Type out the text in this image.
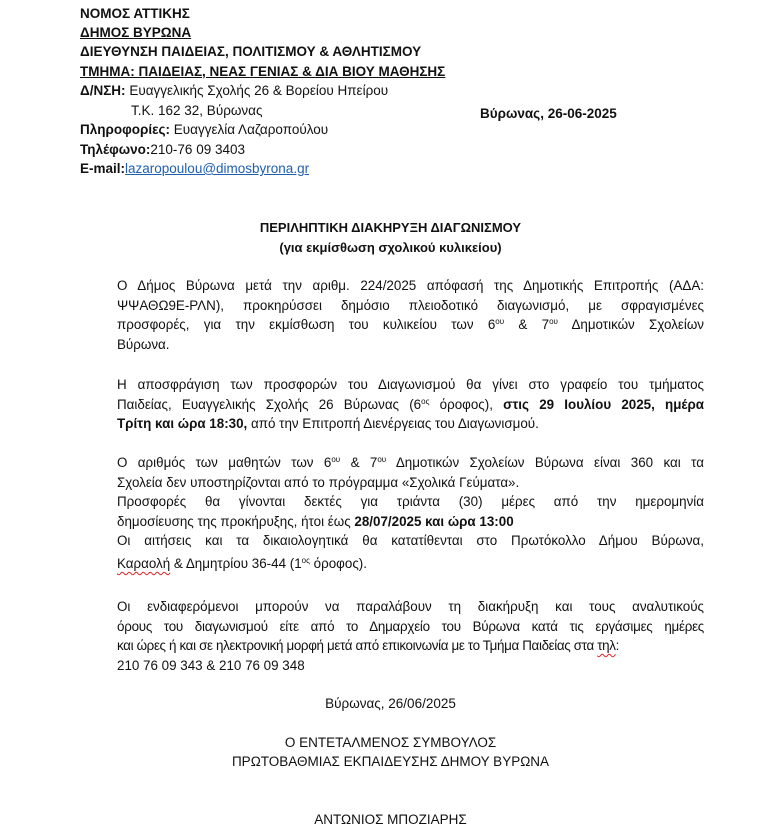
ΝΟΜΟΣ ΑΤΤΙΚΗΣ
ΔΗΜΟΣ ΒΥΡΩΝΑ
ΔΙΕΥΘΥΝΣΗ ΠΑΙΔΕΙΑΣ, ΠΟΛΙΤΙΣΜΟΥ & ΑΘΛΗΤΙΣΜΟΥ
ΤΜΗΜΑ: ΠΑΙΔΕΙΑΣ, ΝΕΑΣ ΓΕΝΙΑΣ & ΔΙΑ ΒΙΟΥ ΜΑΘΗΣΗΣ
Δ/ΝΣΗ: Ευαγγελικής Σχολής 26 & Βορείου Ηπείρου
Τ.Κ. 162 32, Βύρωνας
Πληροφορίες: Ευαγγελία Λαζαροπούλου
Τηλέφωνο:210-76 09 3403
E-mail:lazaropoulou@dimosbyrona.gr
Βύρωνας, 26-06-2025
ΠΕΡΙΛΗΠΤΙΚΗ ΔΙΑΚΗΡΥΞΗ ΔΙΑΓΩΝΙΣΜΟΥ
(για εκμίσθωση σχολικού κυλικείου)
Ο Δήμος Βύρωνα μετά την αριθμ. 224/2025 απόφασή της Δημοτικής Επιτροπής (ΑΔΑ:
ΨΨΑΘΩ9Ε-ΡΛΝ), προκηρύσσει δημόσιο πλειοδοτικό διαγωνισμό, με σφραγισμένες
προσφορές, για την εκμίσθωση του κυλικείου των $6^{o\upsilon}$ & $7^{o\upsilon}$ Δημοτικών Σχολείων
Βύρωνα.
Η αποσφράγιση των προσφορών του Διαγωνισμού θα γίνει στο γραφείο του τμήματος
Παιδείας, Ευαγγελικής Σχολής 26 Βύρωνας ($6^{o\varsigma}$ όροφος), στις 29 Ιουλίου 2025, ημέρα
Τρίτη και ώρα 18:30, από την Επιτροπή Διενέργειας του Διαγωνισμού.
Ο αριθμός των μαθητών των $6^{o\upsilon}$ & $7^{o\upsilon}$ Δημοτικών Σχολείων Βύρωνα είναι 360 και τα
Σχολεία δεν υποστηρίζονται από το πρόγραμμα «Σχολικά Γεύματα».
Προσφορές θα γίνονται δεκτές για τριάντα (30) μέρες από την ημερομηνία
δημοσίευσης της προκήρυξης, ήτοι έως 28/07/2025 και ώρα 13:00
Οι αιτήσεις και τα δικαιολογητικά θα κατατίθενται στο Πρωτόκολλο Δήμου Βύρωνα,
Καραολή & Δημητρίου 36-44 ($1^{o\varsigma}$ όροφος).
Οι ενδιαφερόμενοι μπορούν να παραλάβουν τη διακήρυξη και τους αναλυτικούς
όρους του διαγωνισμού είτε από το Δημαρχείο του Βύρωνα κατά τις εργάσιμες ημέρες
και ώρες ή και σε ηλεκτρονική μορφή μετά από επικοινωνία με το Τμήμα Παιδείας στα τηλ:
210 76 09 343 & 210 76 09 348
Βύρωνας, 26/06/2025
Ο ΕΝΤΕΤΑΛΜΕΝΟΣ ΣΥΜΒΟΥΛΟΣ
ΠΡΩΤΟΒΑΘΜΙΑΣ ΕΚΠΑΙΔΕΥΣΗΣ ΔΗΜΟΥ ΒΥΡΩΝΑ
ΑΝΤΩΝΙΟΣ ΜΠΟΖΙΑΡΗΣ
